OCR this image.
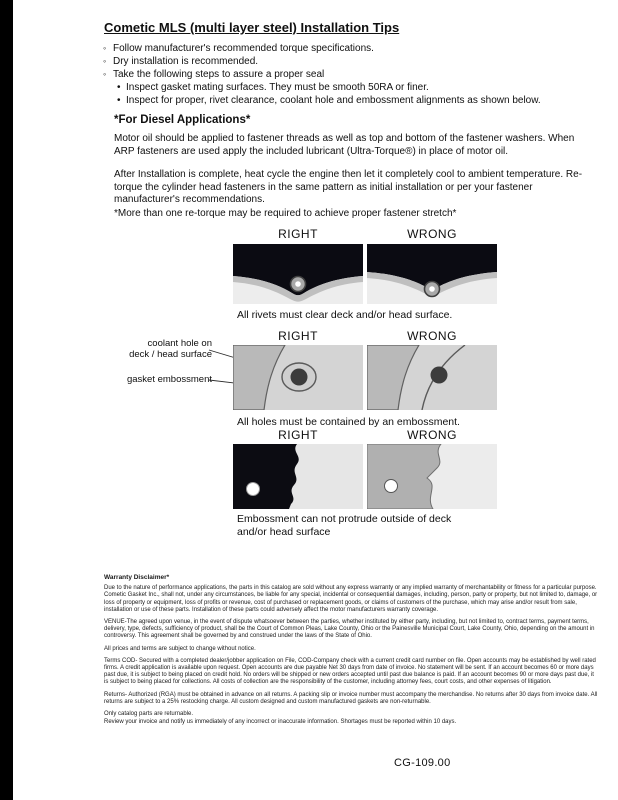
Cometic MLS (multi layer steel) Installation Tips
◦ Follow manufacturer's recommended torque specifications.
◦ Dry installation is recommended.
◦ Take the following steps to assure a proper seal
• Inspect gasket mating surfaces. They must be smooth 50RA or finer.
• Inspect for proper, rivet clearance, coolant hole and embossment alignments as shown below.
*For Diesel Applications*
Motor oil should be applied to fastener threads as well as top and bottom of the fastener washers. When ARP fasteners are used apply the included lubricant (Ultra-Torque®) in place of motor oil.
After Installation is complete, heat cycle the engine then let it completely cool to ambient temperature. Re-torque the cylinder head fasteners in the same pattern as initial installation or per your fastener manufacturer's recommendations.
*More than one re-torque may be required to achieve proper fastener stretch*
RIGHT	WRONG
All rivets must clear deck and/or head surface.
RIGHT	WRONG
coolant hole on
deck / head surface
gasket embossment
All holes must be contained by an embossment.
RIGHT	WRONG
Embossment can not protrude outside of deck
and/or head surface
Warranty Disclaimer*

Due to the nature of performance applications, the parts in this catalog are sold without any express warranty or any implied warranty of merchantability or fitness for a particular purpose. Cometic Gasket Inc., shall not, under any circumstances, be liable for any special, incidental or consequential damages, including, person, party or property, but not limited to, damage, or loss of property or equipment, loss of profits or revenue, cost of purchased or replacement goods, or claims of customers of the purchase, which may arise and/or result from sale, installation or use of these parts. Installation of these parts could adversely affect the motor manufacturers warranty coverage.

VENUE-The agreed upon venue, in the event of dispute whatsoever between the parties, whether instituted by either party, including, but not limited to, contract terms, payment terms, delivery, type, defects, sufficiency of product, shall be the Court of Common Pleas, Lake County, Ohio or the Painesville Municipal Court, Lake County, Ohio, depending on the amount in controversy. This agreement shall be governed by and construed under the laws of the State of Ohio.

All prices and terms are subject to change without notice.

Terms COD- Secured with a completed dealer/jobber application on File, COD-Company check with a current credit card number on file. Open accounts may be established by well rated firms. A credit application is available upon request. Open accounts are due payable Net 30 days from date of invoice. No statement will be sent. If an account becomes 60 or more days past due, it is subject to being placed on credit hold. No orders will be shipped or new orders accepted until past due balance is paid. If an account becomes 90 or more days past due, it is subject to being placed for collections. All costs of collection are the responsibility of the customer, including attorney fees, court costs, and other expenses of litigation.

Returns- Authorized (RGA) must be obtained in advance on all returns. A packing slip or invoice number must accompany the merchandise. No returns after 30 days from invoice date. All returns are subject to a 25% restocking charge. All custom designed and custom manufactured gaskets are non-returnable.

Only catalog parts are returnable.

Review your invoice and notify us immediately of any incorrect or inaccurate information. Shortages must be reported within 10 days.

CG-109.00
